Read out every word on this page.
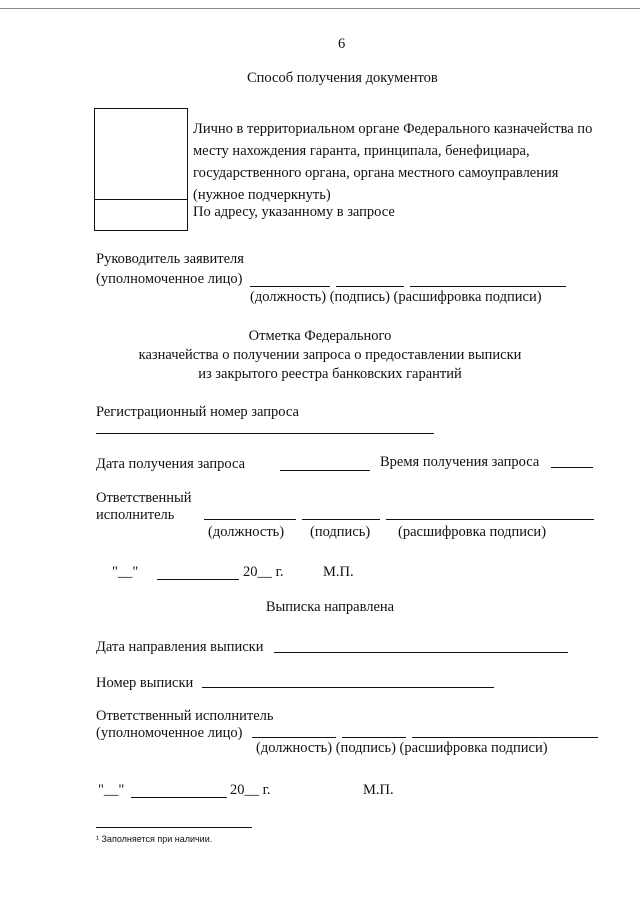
6
Способ получения документов
Лично в территориальном органе Федерального казначейства по
месту нахождения гаранта, принципала, бенефициара,
государственного органа, органа местного самоуправления
(нужное подчеркнуть)
По адресу, указанному в запросе
Руководитель заявителя
(уполномоченное лицо)
(должность) (подпись) (расшифровка подписи)
Отметка Федерального
казначейства о получении запроса о предоставлении выписки
из закрытого реестра банковских гарантий
Регистрационный номер запроса
Дата получения запроса	Время получения запроса
Ответственный
исполнитель
(должность) (подпись) (расшифровка подписи)
"__"	20__ г.	М.П.
Выписка направлена
Дата направления выписки
Номер выписки
Ответственный исполнитель
(уполномоченное лицо)
(должность) (подпись) (расшифровка подписи)
"__"	20__ г.	М.П.
¹ Заполняется при наличии.
